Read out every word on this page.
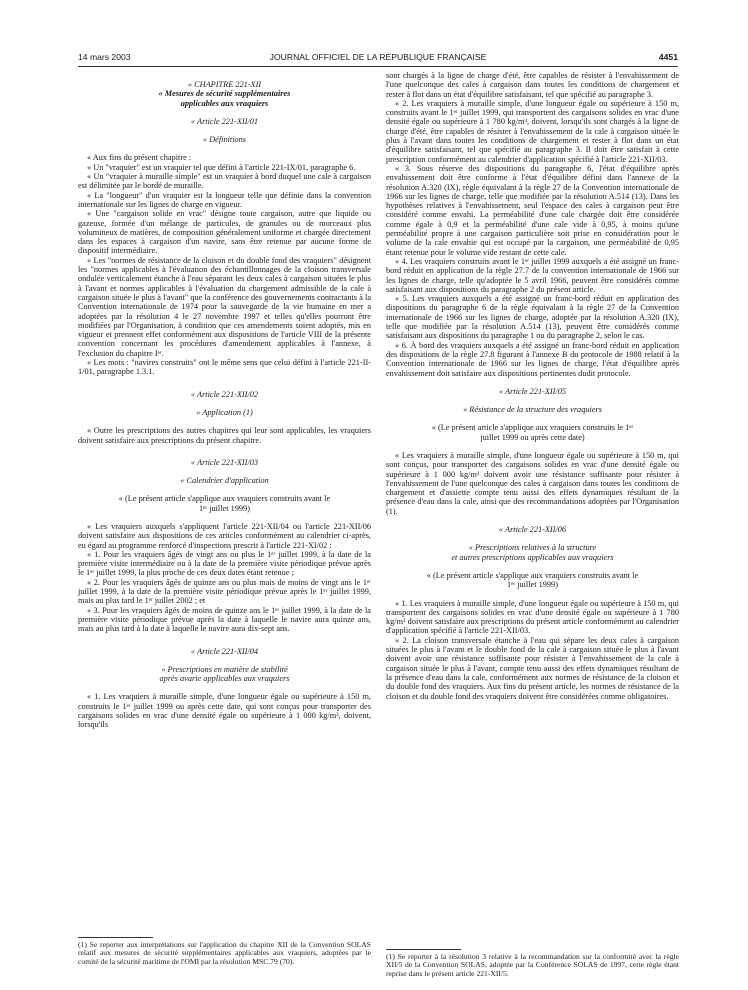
14 mars 2003	JOURNAL OFFICIEL DE LA RÉPUBLIQUE FRANÇAISE	4451

« CHAPITRE 221-XII

« Mesures de sécurité supplémentaires

applicables aux vraquiers

« Article 221-XII/01

« Définitions

« Aux fins du présent chapitre :

« Un "vraquier" est un vraquier tel que défini à l'article 221-IX/01, paragraphe 6.

« Un "vraquier à muraille simple" est un vraquier à bord duquel une cale à cargaison est délimitée par le bordé de muraille.

« La "longueur" d'un vraquier est la longueur telle que définie dans la convention internationale sur les lignes de charge en vigueur.

« Une "cargaison solide en vrac" désigne toute cargaison, autre que liquide ou gazeuse, formée d'un mélange de particules, de granules ou de morceaux plus volumineux de matières, de composition généralement uniforme et chargée directement dans les espaces à cargaison d'un navire, sans être retenue par aucune forme de dispositif intermédiaire.

« Les "normes de résistance de la cloison et du double fond des vraquiers" désignent les "normes applicables à l'évaluation des échantillonnages de la cloison transversale ondulée verticalement étanche à l'eau séparant les deux cales à cargaison situées le plus à l'avant et normes applicables à l'évaluation du chargement admissible de la cale à cargaison située le plus à l'avant" que la conférence des gouvernements contractants à la Convention internationale de 1974 pour la sauvegarde de la vie humaine en mer a adoptées par la résolution 4 le 27 novembre 1997 et telles qu'elles pourront être modifiées par l'Organisation, à condition que ces amendements soient adoptés, mis en vigueur et prennent effet conformément aux dispositions de l'article VIII de la présente convention concernant les procédures d'amendement applicables à l'annexe, à l'exclusion du chapitre Iᵉʳ.

« Les mots : "navires construits" ont le même sens que celui défini à l'article 221-II-1/01, paragraphe 1.3.1.

« Article 221-XII/02

« Application (1)

« Outre les prescriptions des autres chapitres qui leur sont applicables, les vraquiers doivent satisfaire aux prescriptions du présent chapitre.

« Article 221-XII/03

« Calendrier d'application

« (Le présent article s'applique aux vraquiers construits avant le 1ᵉʳ juillet 1999)

« Les vraquiers auxquels s'appliquent l'article 221-XII/04 ou l'article 221-XII/06 doivent satisfaire aux dispositions de ces articles conformément au calendrier ci-après, eu égard au programme renforcé d'inspections prescrit à l'article 221-XI/02 :

« 1. Pour les vraquiers âgés de vingt ans ou plus le 1ᵉʳ juillet 1999, à la date de la première visite intermédiaire ou à la date de la première visite périodique prévue après le 1ᵉʳ juillet 1999, la plus proche de ces deux dates étant retenue ;

« 2. Pour les vraquiers âgés de quinze ans ou plus mais de moins de vingt ans le 1ᵉʳ juillet 1999, à la date de la première visite périodique prévue après le 1ᵉʳ juillet 1999, mais au plus tard le 1ᵉʳ juillet 2002 ; et

« 3. Pour les vraquiers âgés de moins de quinze ans le 1ᵉʳ juillet 1999, à la date de la première visite périodique prévue après la date à laquelle le navire aura quinze ans, mais au plus tard à la date à laquelle le navire aura dix-sept ans.

« Article 221-XII/04

« Prescriptions en matière de stabilité

après avarie applicables aux vraquiers

« 1. Les vraquiers à muraille simple, d'une longueur égale ou supérieure à 150 m, construits le 1ᵉʳ juillet 1999 ou après cette date, qui sont conçus pour transporter des cargaisons solides en vrac d'une densité égale ou supérieure à 1 000 kg/m³, doivent, lorsqu'ils

(1) Se reporter aux interprétations sur l'application du chapitre XII de la Convention SOLAS relatif aux mesures de sécurité supplémentaires applicables aux vraquiers, adoptées par le comité de la sécurité maritime de l'OMI par la résolution MSC.79 (70).

sont chargés à la ligne de charge d'été, être capables de résister à l'envahissement de l'une quelconque des cales à cargaison dans toutes les conditions de chargement et rester à flot dans un état d'équilibre satisfaisant, tel que spécifié au paragraphe 3.

« 2. Les vraquiers à muraille simple, d'une longueur égale ou supérieure à 150 m, construits avant le 1ᵉʳ juillet 1999, qui transportent des cargaisons solides en vrac d'une densité égale ou supérieure à 1 780 kg/m³, doivent, lorsqu'ils sont chargés à la ligne de charge d'été, être capables de résister à l'envahissement de la cale à cargaison située le plus à l'avant dans toutes les conditions de chargement et rester à flot dans un état d'équilibre satisfaisant, tel que spécifié au paragraphe 3. Il doit être satisfait à cette prescription conformément au calendrier d'application spécifié à l'article 221-XII/03.

« 3. Sous réserve des dispositions du paragraphe 6, l'état d'équilibre après envahissement doit être conforme à l'état d'équilibre défini dans l'annexe de la résolution A.320 (IX), règle équivalant à la règle 27 de la Convention internationale de 1966 sur les lignes de charge, telle que modifiée par la résolution A.514 (13). Dans les hypothèses relatives à l'envahissement, seul l'espace des cales à cargaison peut être considéré comme envahi. La perméabilité d'une cale chargée doit être considérée comme égale à 0,9 et la perméabilité d'une cale vide à 0,95, à moins qu'une perméabilité propre à une cargaison particulière soit prise en considération pour le volume de la cale envahie qui est occupé par la cargaison, une perméabilité de 0,95 étant retenue pour le volume vide restant de cette cale.

« 4. Les vraquiers construits avant le 1ᵉʳ juillet 1999 auxquels a été assigné un franc-bord réduit en application de la règle 27.7 de la convention internationale de 1966 sur les lignes de charge, telle qu'adoptée le 5 avril 1966, peuvent être considérés comme satisfaisant aux dispositions du paragraphe 2 du présent article.

« 5. Les vraquiers auxquels a été assigné un franc-bord réduit en application des dispositions du paragraphe 6 de la règle équivalant à la règle 27 de la Convention internationale de 1966 sur les lignes de charge, adoptée par la résolution A.320 (IX), telle que modifiée par la résolution A.514 (13), peuvent être considérés comme satisfaisant aux dispositions du paragraphe 1 ou du paragraphe 2, selon le cas.

« 6. À bord des vraquiers auxquels a été assigné un franc-bord réduit en application des dispositions de la règle 27.8 figurant à l'annexe B du protocole de 1988 relatif à la Convention internationale de 1966 sur les lignes de charge, l'état d'équilibre après envahissement doit satisfaire aux dispositions pertinentes dudit protocole.

« Article 221-XII/05

« Résistance de la structure des vraquiers

« (Le présent article s'applique aux vraquiers construits le 1ᵉʳ juillet 1999 ou après cette date)

« Les vraquiers à muraille simple, d'une longueur égale ou supérieure à 150 m, qui sont conçus, pour transporter des cargaisons solides en vrac d'une densité égale ou supérieure à 1 000 kg/m³ doivent avoir une résistance suffisante pour résister à l'envahissement de l'une quelconque des cales à cargaison dans toutes les conditions de chargement et d'assiette compte tenu aussi des effets dynamiques résultant de la présence d'eau dans la cale, ainsi que des recommandations adoptées par l'Organisation (1).

« Article 221-XII/06

« Prescriptions relatives à la structure

et autres prescriptions applicables aux vraquiers

« (Le présent article s'applique aux vraquiers construits avant le 1ᵉʳ juillet 1999)

« 1. Les vraquiers à muraille simple, d'une longueur égale ou supérieure à 150 m, qui transportent des cargaisons solides en vrac d'une densité égale ou supérieure à 1 780 kg/m³ doivent satisfaire aux prescriptions du présent article conformément au calendrier d'application spécifié à l'article 221-XII/03.

« 2. La cloison transversale étanche à l'eau qui sépare les deux cales à cargaison situées le plus à l'avant et le double fond de la cale à cargaison située le plus à l'avant doivent avoir une résistance suffisante pour résister à l'envahissement de la cale à cargaison située le plus à l'avant, compte tenu aussi des effets dynamiques résultant de la présence d'eau dans la cale, conformément aux normes de résistance de la cloison et du double fond des vraquiers. Aux fins du présent article, les normes de résistance de la cloison et du double fond des vraquiers doivent être considérées comme obligatoires.

(1) Se reporter à la résolution 3 relative à la recommandation sur la conformité avec la règle XII/5 de la Convention SOLAS, adoptée par la Conférence SOLAS de 1997, cette règle étant reprise dans le présent article 221-XII/5.
